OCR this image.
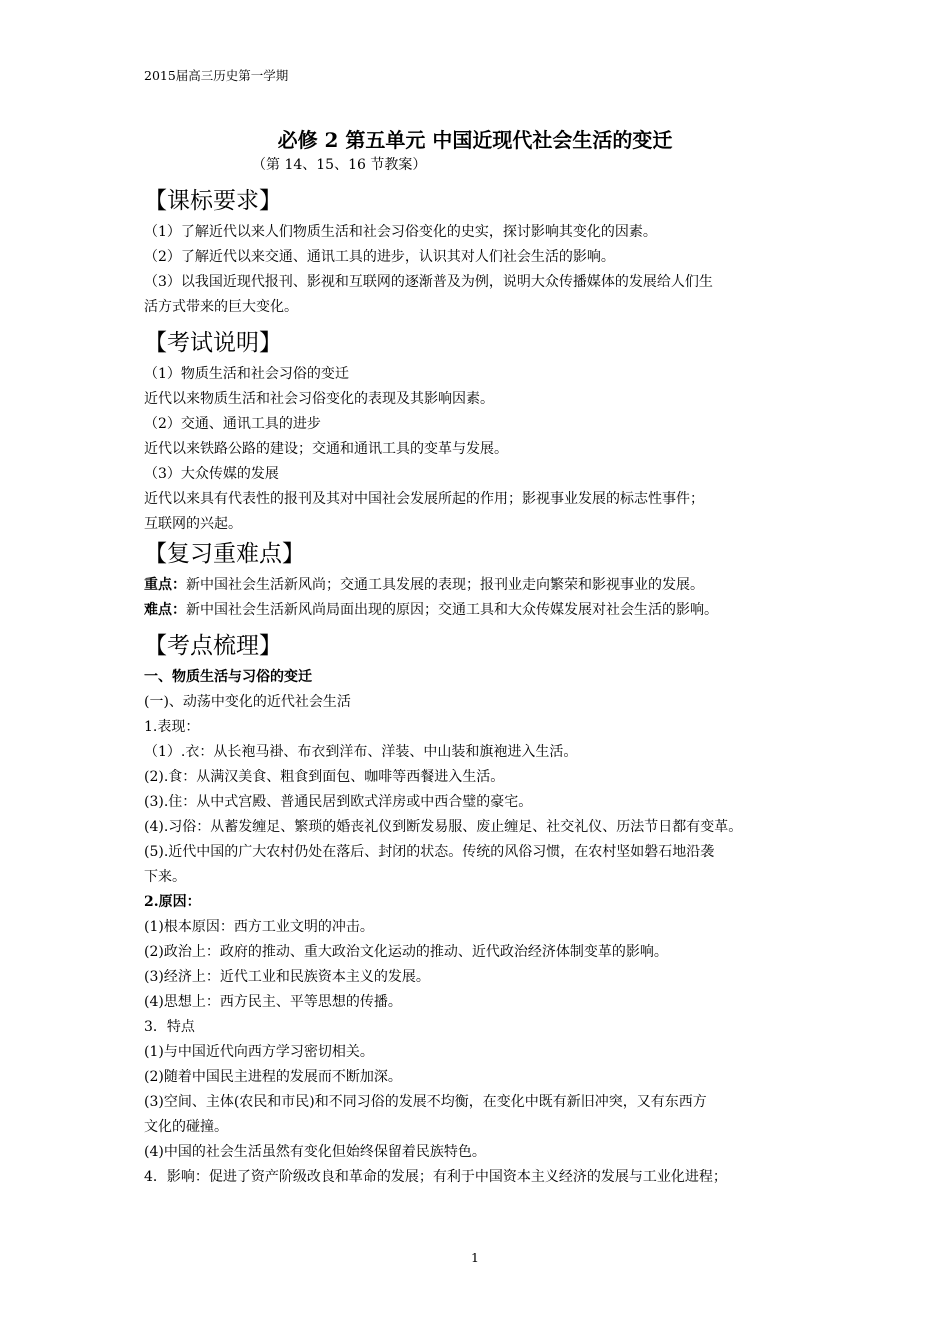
2015届高三历史第一学期
必修 2 第五单元 中国近现代社会生活的变迁
（第 14、15、16 节教案）

【课标要求】

（1）了解近代以来人们物质生活和社会习俗变化的史实，探讨影响其变化的因素。

（2）了解近代以来交通、通讯工具的进步，认识其对人们社会生活的影响。

（3）以我国近现代报刊、影视和互联网的逐渐普及为例，说明大众传播媒体的发展给人们生

活方式带来的巨大变化。

【考试说明】

（1）物质生活和社会习俗的变迁

近代以来物质生活和社会习俗变化的表现及其影响因素。

（2）交通、通讯工具的进步

近代以来铁路公路的建设；交通和通讯工具的变革与发展。

（3）大众传媒的发展

近代以来具有代表性的报刊及其对中国社会发展所起的作用；影视事业发展的标志性事件；

互联网的兴起。

【复习重难点】

重点：新中国社会生活新风尚；交通工具发展的表现；报刊业走向繁荣和影视事业的发展。

难点：新中国社会生活新风尚局面出现的原因；交通工具和大众传媒发展对社会生活的影响。

【考点梳理】

一、物质生活与习俗的变迁

(一)、动荡中变化的近代社会生活

1.表现：

（1）.衣：从长袍马褂、布衣到洋布、洋装、中山装和旗袍进入生活。

(2).食：从满汉美食、粗食到面包、咖啡等西餐进入生活。

(3).住：从中式宫殿、普通民居到欧式洋房或中西合璧的豪宅。

(4).习俗：从蓄发缠足、繁琐的婚丧礼仪到断发易服、废止缠足、社交礼仪、历法节日都有变革。

(5).近代中国的广大农村仍处在落后、封闭的状态。传统的风俗习惯，在农村坚如磐石地沿袭

下来。

2.原因：

(1)根本原因：西方工业文明的冲击。

(2)政治上：政府的推动、重大政治文化运动的推动、近代政治经济体制变革的影响。

(3)经济上：近代工业和民族资本主义的发展。

(4)思想上：西方民主、平等思想的传播。

3．特点

(1)与中国近代向西方学习密切相关。

(2)随着中国民主进程的发展而不断加深。

(3)空间、主体(农民和市民)和不同习俗的发展不均衡，在变化中既有新旧冲突，又有东西方

文化的碰撞。

(4)中国的社会生活虽然有变化但始终保留着民族特色。

4．影响：促进了资产阶级改良和革命的发展；有利于中国资本主义经济的发展与工业化进程；

1
